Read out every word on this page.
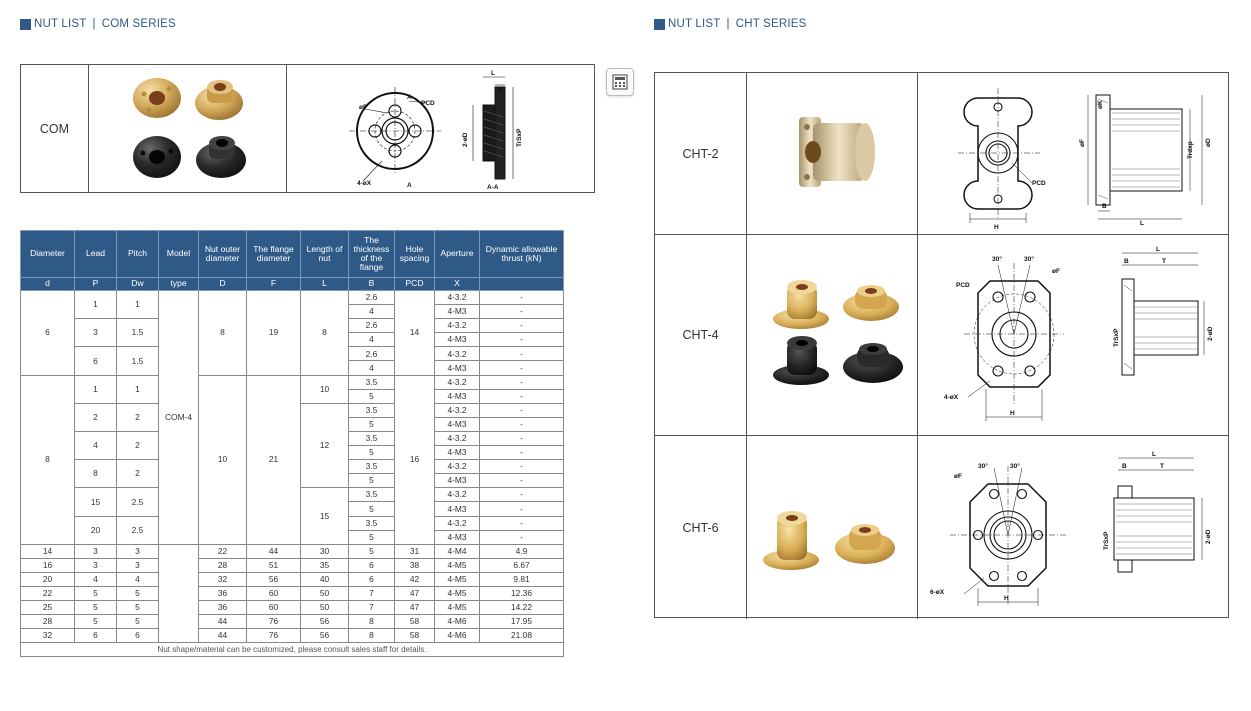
NUT LIST | COM SERIES	NUT LIST | CHT SERIES
COM
øF
A
PCD
4-øX	A
L
B
2-øD	TrSxP
A-A
Diameter	Lead	Pitch	Model	Nut outer diameter	The flange diameter	Length of nut	The thickness of the flange	Hole spacing	Aperture	Dynamic allowable thrust (kN)
d	P	Dw	type	D	F	L	B	PCD	X	
6	1	1	COM-4	8	19	8	2.6	14	4-3.2	-
							4		4-M3	-
	3	1.5					2.6		4-3.2	-
							4		4-M3	-
	6	1.5					2.6		4-3.2	-
							4		4-M3	-
8	1	1		10	21	10	3.5	16	4-3.2	-
							5		4-M3	-
	2	2				12	3.5		4-3.2	-
							5		4-M3	-
	4	2					3.5		4-3.2	-
							5		4-M3	-
	8	2					3.5		4-3.2	-
							5		4-M3	-
	15	2.5				15	3.5		4-3.2	-
							5		4-M3	-
	20	2.5					3.5		4-3.2	-
							5		4-M3	-
14	3	3		22	44	30	5	31	4-M4	4.9
16	3	3		28	51	35	6	38	4-M5	6.67
20	4	4		32	56	40	6	42	4-M5	9.81
22	5	5		36	60	50	7	47	4-M5	12.36
25	5	5		36	60	50	7	47	4-M5	14.22
28	5	5		44	76	56	8	58	4-M6	17.95
32	6	6		44	76	56	8	58	4-M6	21.08
Nut shape/material can be customized, please consult sales staff for details.										
CHT-2
PCD
H
øF
øK
Trdxp øD
B
L
CHT-4
30°	30°
øF
PCD
4-øX
H
L
B	T
TrSxP	2-øD
CHT-6
øF
30°	30°
6-øX
H
L
B	T
TrSxP	2-øD
